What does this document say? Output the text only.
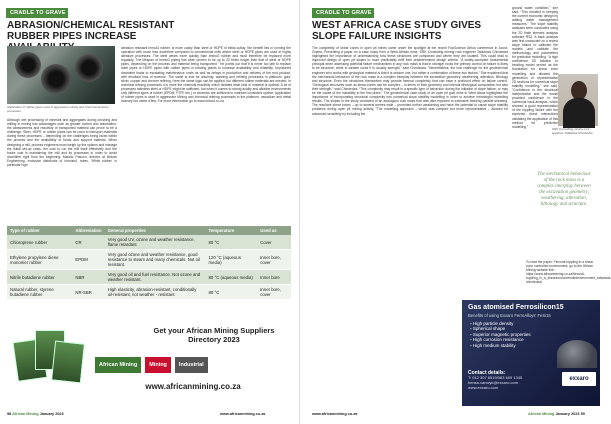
CRADLE TO GRAVE
ABRASION/CHEMICAL RESISTANT RUBBER PIPES INCREASE
Application of rubber pipes used in aggressive mining and chemical abrasive processes.
Although wet processing of minerals and aggregates during crushing and milling in mining has advantages such as greater control and automation, the abrasiveness and reactivity of transported material can prove to be a challenge. Steel, HDPE or rubber pipes can be used to transport materials during these processes – depending on the challenges being faced within the process and the availability of funds and support material. When designing a mill, process engineers must weigh up the options and manage the initial set-up costs, the cost to run the mill itself effectively and the future cost in maintaining the mill and its processes in order to avoid downtime right from the beginning. Mauritz Pasono, director at Nekool Engineering, exclusive distributor of Immunul, notes, “While rubber, in particular high
abrasion resistant immuG rubber, is more costly than steel or HDPE in initial outlay, the benefit lies in running the operation with much less downtime compared to conventional mills where steel or HDPE pipes are used in highly abrasive processes. The steel wears more quickly than immuG rubber and must therefore be replaced more regularly. The lifespan of immuG piping has been proven to be up to 20 times longer than that of steel or HDPE pipes, depending on the process and material being transported.” He points out that it is never too late to replace steel pipes or HDPE pipes with rubber pipes in existing plants to increase availability and reliability. Unplanned downtime leads to escalating maintenance costs as well as delays in production and delivery of the end product, with resultant loss of revenue. The same is true for leaching, washing and refining processes in platinum, gold, silver, copper and chrome refining. Here the same logic can be applied, but different rubber materials are needed. In chemical refining processes it is more the chemical reactivity which dictates what kind of material is optimal. A lot of processes stainless steel or HDPE might be sufficient, but when it comes to strong acidity and alkaline environments only different types of rubber (EPDM, PTFE etc.) or ceramics are sufficient to maintain consistent uptime. Application of rubber pipes is used in aggressive Mining and chemical refining processes in the platinum, vanadium and metal industry but name a few. For more information go to www.nekool.co.za
Type of rubber	Abbreviation	General properties	Temperature	Used as
Chloroprene rubber	CR	Very good UV, ozone and weather resistance, flame retardant	80 °C	Cover
Ethylene propylene diene monomer rubber	EPDM	Very good ozone and weather resistance, good resistance to steam and many chemicals. Not oil resistant.	120 °C (aqueous media)	Inner bore, cover
Nitrile butadiene rubber	NBR	Very good oil and fuel resistance. Not ozone and weather resistant.	80 °C (aqueous media)	Inner bore
Natural rubber, styrene butadiene rubber	NR-SBR	High elasticity, abrasion-resistant, conditionally oil-resistant, not weather - resistant	80 °C	Inner bore, cover
Get your African Mining Suppliers Directory 2023
African Mining	Mining	Industrial
www.africanmining.co.za
58 African Mining January 2023	www.africanmining.co.za
CRADLE TO GRAVE
WEST AFRICA CASE STUDY GIVES SLOPE FAILURE INSIGHTS
The complexity of shear zones in open pit mines came under the spotlight at the recent RocScience Africa conference in Accra, Ghana. Presenting a paper on a case study from a West African mine, SRK Consulting mining rock engineer Tafadzwa Chindedza highlighted the importance of understanding how these structures are composed and where they are located. This could lead to improved design of open pit slopes to more predictably fulfil their predetermined design criteria. “A widely-accepted fundamental principal when assessing potential failure mechanisms in any rock mass is that in stronger rocks the primary control on failure is likely to be structure, while in weaker rocks it is usually strength,” said Chindedza. “Nevertheless, the real challenge for the geotechnical engineer who works with geological material is that it is seldom one, but rather a combination of these two factors.” She explained that the mechanical behaviour of the rock mass is a complex interplay between the excavation geometry, weathering, alteration, lithology and structure. Even the structures themselves may provide internal complexity that can have a profound effect on failure control. “Geological structures such as shear zones can be complex – in terms of their geometry and internal lithological composition but also their strength,” said Chindedza. “This complexity may result in a specific type of behaviour during the initiation of slope failure, or may be the cause of the instability in the first place.” The geotechnical case study of an open pit gold mine in West Africa highlighted the importance of incorporating structural complexity into numerical slope stability modelling in order to achieve meaningful modelling results. The slopes in the study consisted of an analogous rock mass that was also exposed to extensive bedding parallel shearing. The resultant shear zones – up to several metres wide – promoted further weakening and have the potential to cause slope stability problems during open pit mining activity. “The modelling approach – which was complex but more representative – allowed for advanced sensitivity by including the
ground water condition,” she said. “This resulted in keeping the current economic design by adding water management measures.” The slope stability analyses were conducted using the 2D finite element analysis software RS2. A back analysis was first conducted on a recent slope failure to calibrate the models and validate the methodology and parameters for predictive modelling. “A high confidence 3D foliation or bedding model served as the foundation for shear zone modelling and allowed the generation of representative 2D sections for numerical slope stability modelling,” she said. “Confidence in the structural interpretation and the model provided confidence in the numerical back-analysis, which showed a good representation of the toppling failure with the expected direct interactions validating the application of this method for predictive modelling.”
SRK Consulting mining rock engineer Tafadzwa Chindedza.
The mechanical behaviour of the rock mass is a complex interplay between the excavation geometry, weathering, alteration, lithology and structure.
To read the paper: Flexural toppling in a shear zone controlled environment, go to the African Mining website link: https://www.africanmining.co.za/flexural-toppling_in_a_shearzonecontrolledenvironment_tafadzwa-chindedza/
Gas atomised Ferrosilicon15
Benefits of using Exxaro FerroAlloys' FeSi15
▪ High particle density
▪ Spherical shape
▪ Superior magnetic properties
▪ High corrosion resistance
▪ High medium stability
Contact details:
T: 012 307 8519/083 609 1345
hensa.vanwyk@exxaro.com
www.exxaro.com
exxaro
www.africanmining.co.za	African Mining January 2023 59
